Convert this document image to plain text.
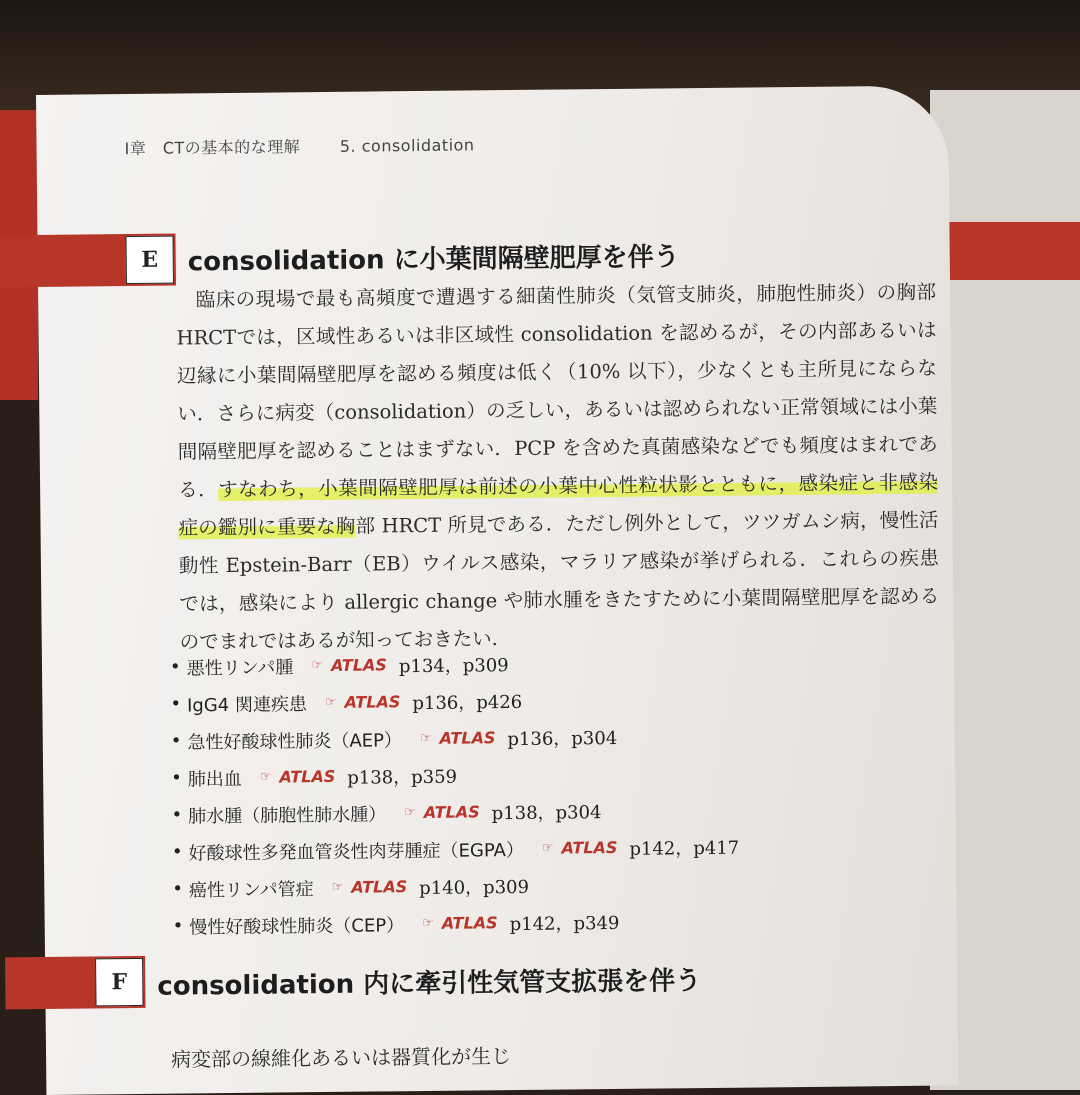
Ⅰ章　CTの基本的な理解 5. consolidation
E	consolidation に小葉間隔壁肥厚を伴う

臨床の現場で最も高頻度で遭遇する細菌性肺炎（気管支肺炎，肺胞性肺炎）の胸部HRCTでは，区域性あるいは非区域性 consolidation を認めるが，その内部あるいは辺縁に小葉間隔壁肥厚を認める頻度は低く（10% 以下），少なくとも主所見にならない．さらに病変（consolidation）の乏しい，あるいは認められない正常領域には小葉間隔壁肥厚を認めることはまずない．PCP を含めた真菌感染などでも頻度はまれである．すなわち，小葉間隔壁肥厚は前述の小葉中心性粒状影とともに，感染症と非感染症の鑑別に重要な胸部 HRCT 所見である．ただし例外として，ツツガムシ病，慢性活動性 Epstein-Barr（EB）ウイルス感染，マラリア感染が挙げられる．これらの疾患では，感染により allergic change や肺水腫をきたすために小葉間隔壁肥厚を認めるのでまれではあるが知っておきたい．

• 悪性リンパ腫 ☞ ATLAS p134，p309
• IgG4 関連疾患 ☞ ATLAS p136，p426
• 急性好酸球性肺炎（AEP） ☞ ATLAS p136，p304
• 肺出血 ☞ ATLAS p138，p359
• 肺水腫（肺胞性肺水腫） ☞ ATLAS p138，p304
• 好酸球性多発血管炎性肉芽腫症（EGPA） ☞ ATLAS p142，p417
• 癌性リンパ管症 ☞ ATLAS p140，p309
• 慢性好酸球性肺炎（CEP） ☞ ATLAS p142，p349
F	consolidation 内に牽引性気管支拡張を伴う
病変部の線維化あるいは器質化が生じ
